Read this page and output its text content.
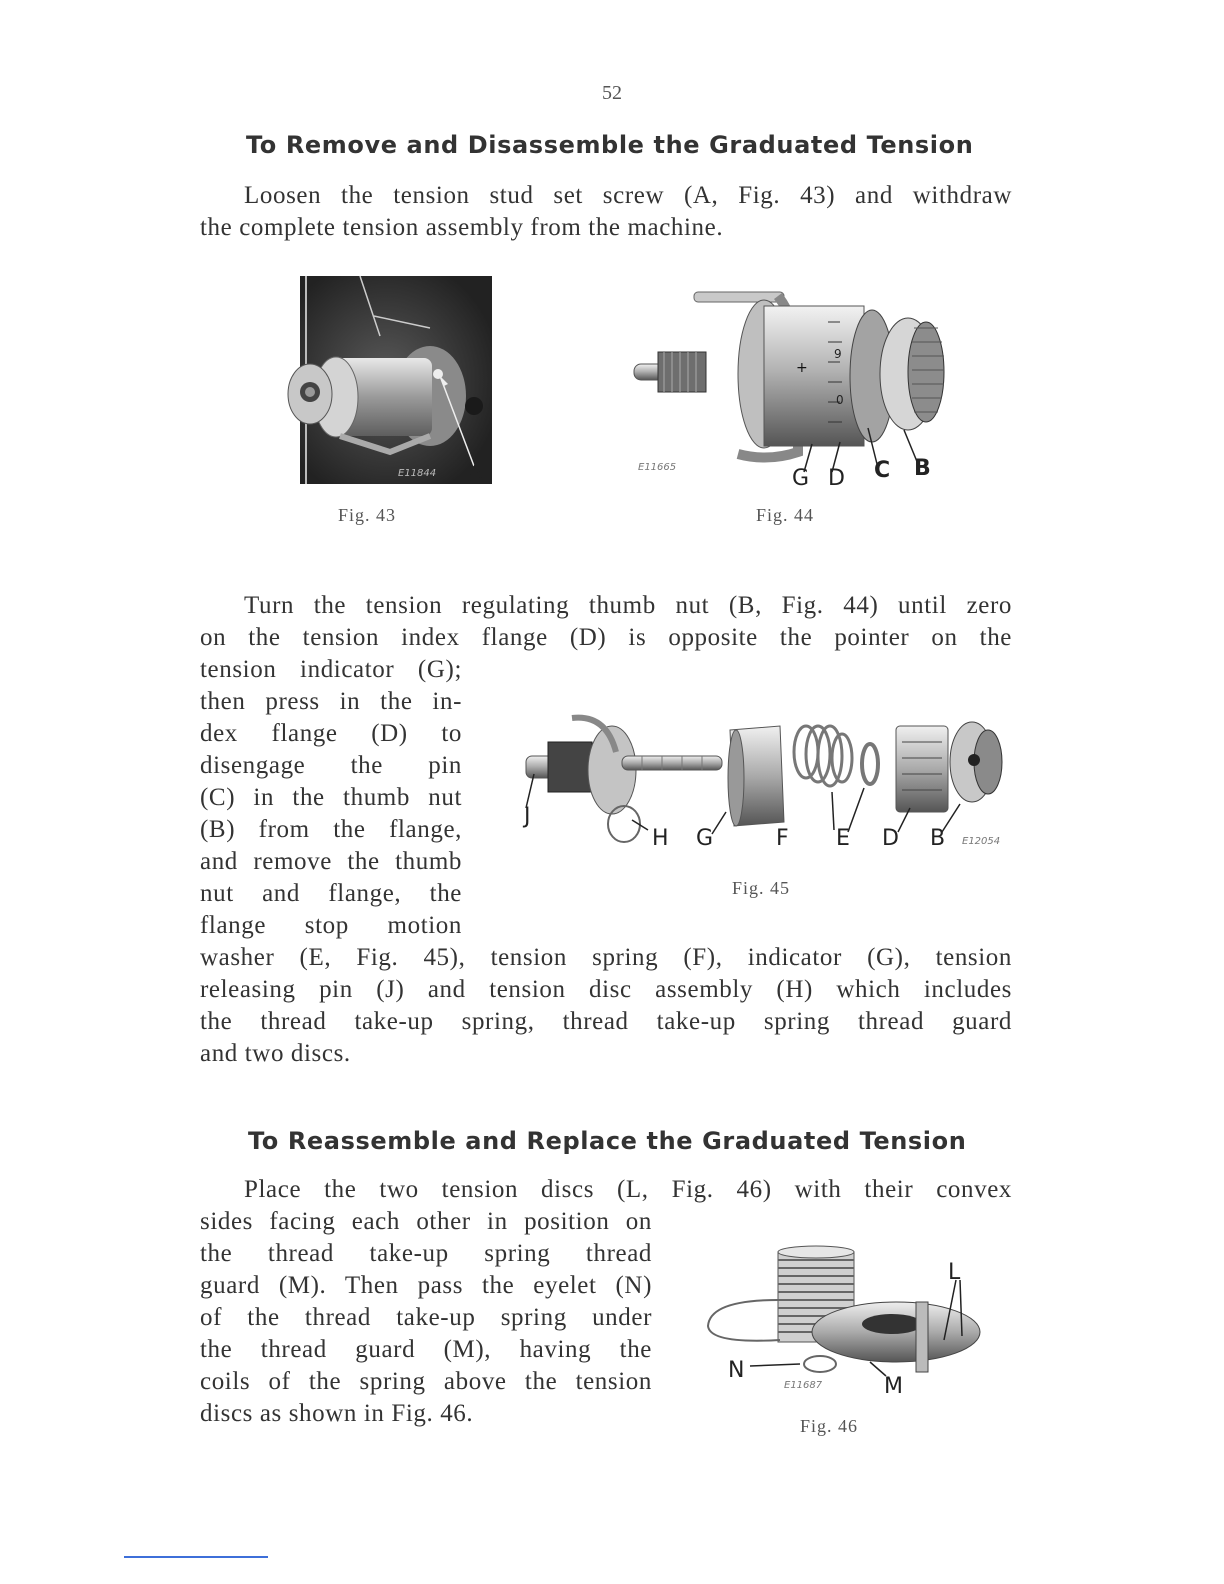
52
To Remove and Disassemble the Graduated Tension

Loosen the tension stud set screw (A, Fig. 43) and withdraw

the complete tension assembly from the machine.

E11844 A
Fig. 43
9
0
+
E11665	G D C B
Fig. 44

Turn the tension regulating thumb nut (B, Fig. 44) until zero

on the tension index flange (D) is opposite the pointer on the

tension indicator (G);

then press in the in-

dex flange (D) to

disengage the pin

(C) in the thumb nut

(B) from the flange,

and remove the thumb

nut and flange, the

flange stop motion

J
H G	F E D B E12054
Fig. 45

washer (E, Fig. 45), tension spring (F), indicator (G), tension

releasing pin (J) and tension disc assembly (H) which includes

the thread take-up spring, thread take-up spring thread guard

and two discs.

To Reassemble and Replace the Graduated Tension

Place the two tension discs (L, Fig. 46) with their convex

sides facing each other in position on

the thread take-up spring thread

guard (M). Then pass the eyelet (N)

of the thread take-up spring under

the thread guard (M), having the

coils of the spring above the tension

discs as shown in Fig. 46.

L
N
M
E11687
Fig. 46
